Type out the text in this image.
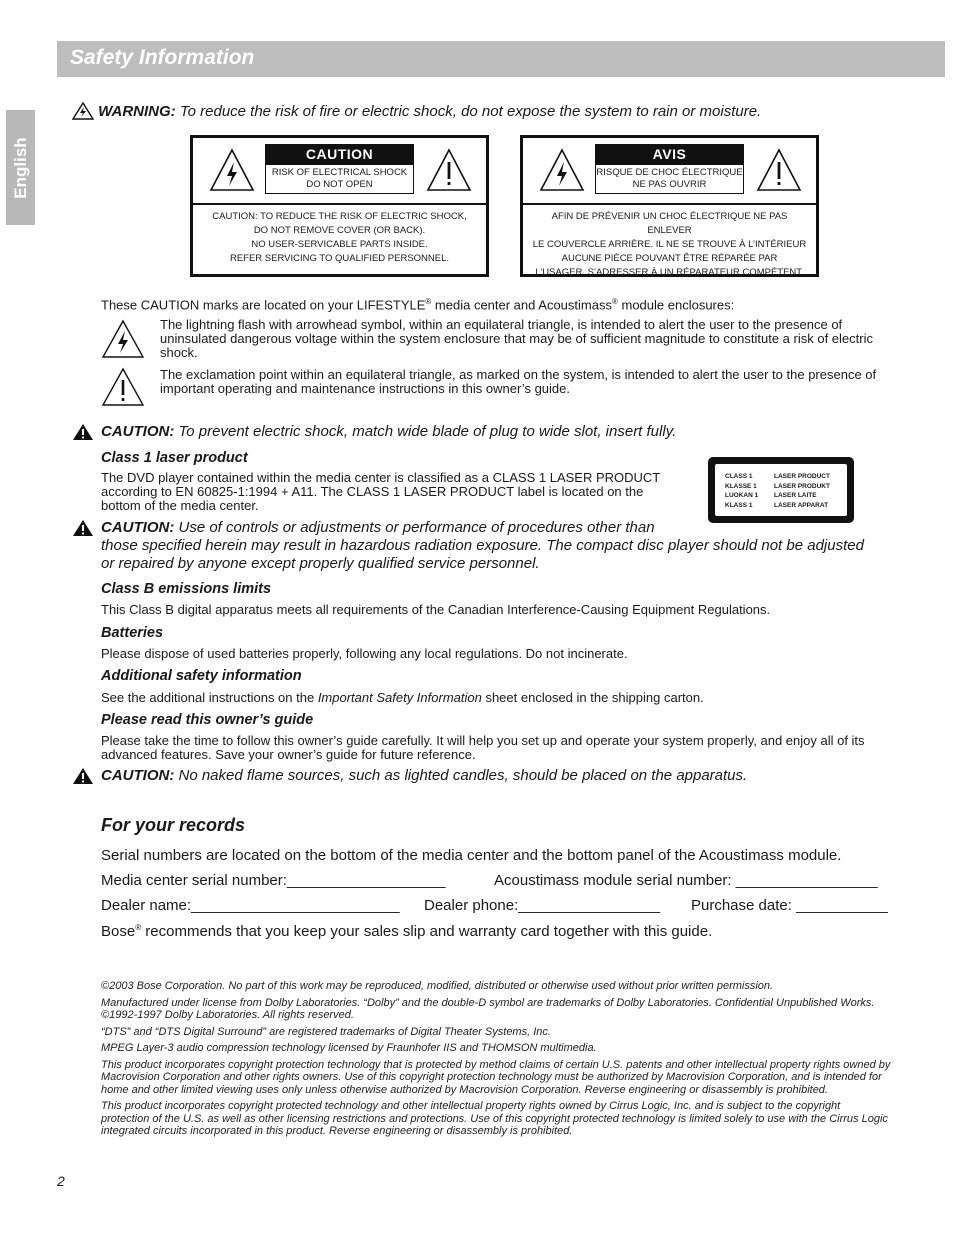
Safety Information
English
WARNING: To reduce the risk of fire or electric shock, do not expose the system to rain or moisture.
CAUTION
RISK OF ELECTRICAL SHOCK
DO NOT OPEN
CAUTION: TO REDUCE THE RISK OF ELECTRIC SHOCK,
DO NOT REMOVE COVER (OR BACK).
NO USER-SERVICABLE PARTS INSIDE.
REFER SERVICING TO QUALIFIED PERSONNEL.
AVIS
RISQUE DE CHOC ÉLECTRIQUE
NE PAS OUVRIR
AFIN DE PRÉVENIR UN CHOC ÉLECTRIQUE NE PAS ENLEVER
LE COUVERCLE ARRIÈRE. IL NE SE TROUVE À L’INTÉRIEUR
AUCUNE PIÈCE POUVANT ÊTRE RÉPARÉE PAR
L’USAGER. S’ADRESSER À UN RÉPARATEUR COMPÉTENT.
These CAUTION marks are located on your LIFESTYLE® media center and Acoustimass® module enclosures:
The lightning flash with arrowhead symbol, within an equilateral triangle, is intended to alert the user to the presence of uninsulated dangerous voltage within the system enclosure that may be of sufficient magnitude to constitute a risk of electric shock.
The exclamation point within an equilateral triangle, as marked on the system, is intended to alert the user to the presence of important operating and maintenance instructions in this owner’s guide.
CAUTION: To prevent electric shock, match wide blade of plug to wide slot, insert fully.
Class 1 laser product
The DVD player contained within the media center is classified as a CLASS 1 LASER PRODUCT according to EN 60825-1:1994 + A11. The CLASS 1 LASER PRODUCT label is located on the bottom of the media center.
CLASS 1
KLASSE 1
LUOKAN 1
KLASS 1
LASER PRODUCT
LASER PRODUKT
LASER LAITE
LASER APPARAT
CAUTION: Use of controls or adjustments or performance of procedures other than
those specified herein may result in hazardous radiation exposure. The compact disc player should not be adjusted
or repaired by anyone except properly qualified service personnel.
Class B emissions limits
This Class B digital apparatus meets all requirements of the Canadian Interference-Causing Equipment Regulations.
Batteries
Please dispose of used batteries properly, following any local regulations. Do not incinerate.
Additional safety information
See the additional instructions on the Important Safety Information sheet enclosed in the shipping carton.
Please read this owner’s guide
Please take the time to follow this owner’s guide carefully. It will help you set up and operate your system properly, and enjoy all of its advanced features. Save your owner’s guide for future reference.
CAUTION: No naked flame sources, such as lighted candles, should be placed on the apparatus.
For your records
Serial numbers are located on the bottom of the media center and the bottom panel of the Acoustimass module.
Media center serial number:___________________	Acoustimass module serial number: _________________
Dealer name:_________________________ Dealer phone:_________________ Purchase date: ___________
Bose® recommends that you keep your sales slip and warranty card together with this guide.
©2003 Bose Corporation. No part of this work may be reproduced, modified, distributed or otherwise used without prior written permission.
Manufactured under license from Dolby Laboratories. “Dolby” and the double-D symbol are trademarks of Dolby Laboratories. Confidential Unpublished Works. ©1992-1997 Dolby Laboratories. All rights reserved.
“DTS” and “DTS Digital Surround” are registered trademarks of Digital Theater Systems, Inc.
MPEG Layer-3 audio compression technology licensed by Fraunhofer IIS and THOMSON multimedia.
This product incorporates copyright protection technology that is protected by method claims of certain U.S. patents and other intellectual property rights owned by Macrovision Corporation and other rights owners. Use of this copyright protection technology must be authorized by Macrovision Corporation, and is intended for home and other limited viewing uses only unless otherwise authorized by Macrovision Corporation. Reverse engineering or disassembly is prohibited.
This product incorporates copyright protected technology and other intellectual property rights owned by Cirrus Logic, Inc. and is subject to the copyright protection of the U.S. as well as other licensing restrictions and protections. Use of this copyright protected technology is limited solely to use with the Cirrus Logic integrated circuits incorporated in this product. Reverse engineering or disassembly is prohibited.
2
